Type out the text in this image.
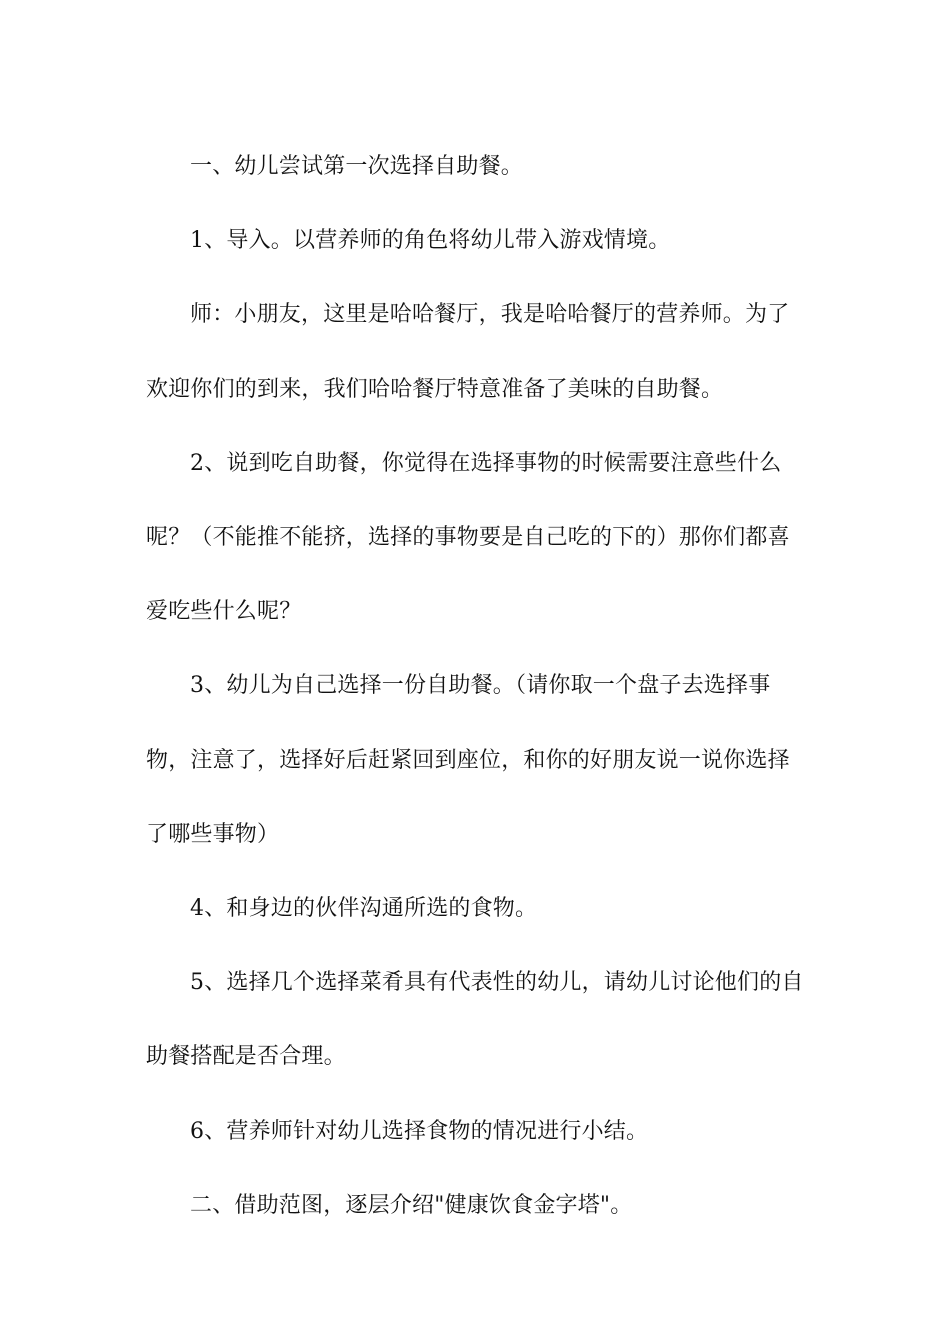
一、幼儿尝试第一次选择自助餐。

1、导入。以营养师的角色将幼儿带入游戏情境。

师：小朋友，这里是哈哈餐厅，我是哈哈餐厅的营养师。为了欢迎你们的到来，我们哈哈餐厅特意准备了美味的自助餐。

2、说到吃自助餐，你觉得在选择事物的时候需要注意些什么呢？（不能推不能挤，选择的事物要是自己吃的下的）那你们都喜爱吃些什么呢？

3、幼儿为自己选择一份自助餐。（请你取一个盘子去选择事物，注意了，选择好后赶紧回到座位，和你的好朋友说一说你选择了哪些事物）

4、和身边的伙伴沟通所选的食物。

5、选择几个选择菜肴具有代表性的幼儿，请幼儿讨论他们的自助餐搭配是否合理。

6、营养师针对幼儿选择食物的情况进行小结。

二、借助范图，逐层介绍"健康饮食金字塔"。
